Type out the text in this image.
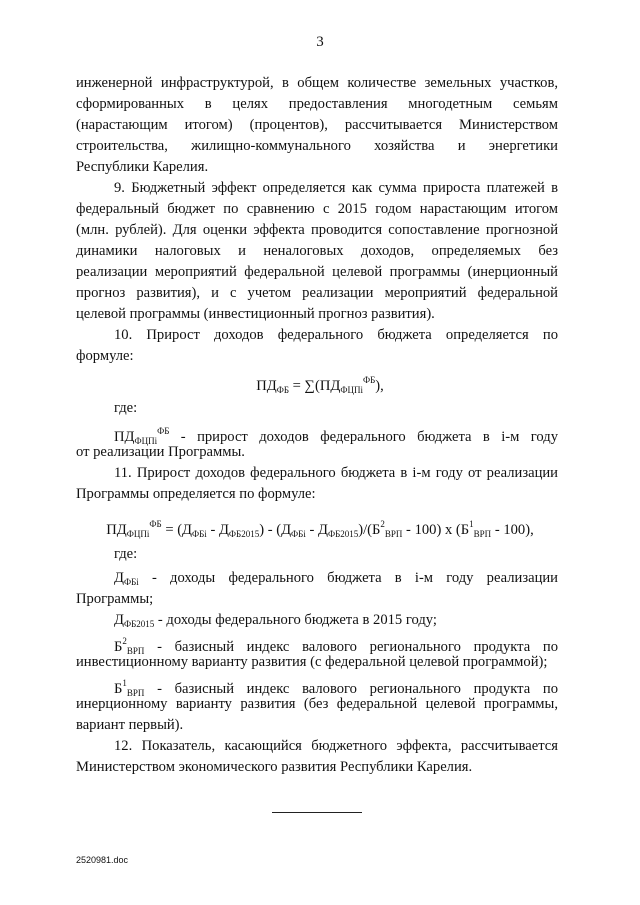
3
инженерной инфраструктурой, в общем количестве земельных участков,
сформированных в целях предоставления многодетным семьям
(нарастающим итогом) (процентов), рассчитывается Министерством
строительства, жилищно-коммунального хозяйства и энергетики
Республики Карелия.
9. Бюджетный эффект определяется как сумма прироста платежей в
федеральный бюджет по сравнению с 2015 годом нарастающим итогом
(млн. рублей). Для оценки эффекта проводится сопоставление прогнозной
динамики налоговых и неналоговых доходов, определяемых без
реализации мероприятий федеральной целевой программы (инерционный
прогноз развития), и с учетом реализации мероприятий федеральной
целевой программы (инвестиционный прогноз развития).
10. Прирост доходов федерального бюджета определяется по
формуле:
$ПД_{ФБ} = \sum(ПД_{ФЦПi}^{ФБ})$,
где:
$ПД_{ФЦПi}^{ФБ}$ - прирост доходов федерального бюджета в i-м году
от реализации Программы.
11. Прирост доходов федерального бюджета в i-м году от реализации
Программы определяется по формуле:
$ПД_{ФЦПi}^{ФБ} = (Д_{ФБi} - Д_{ФБ2015}) - (Д_{ФБi} - Д_{ФБ2015})/(Б^2_{ВРП} - 100)$ х $(Б^1_{ВРП} - 100)$,
где:
$Д_{ФБi}$ - доходы федерального бюджета в i-м году реализации
Программы;
$Д_{ФБ2015}$ - доходы федерального бюджета в 2015 году;
$Б^2_{ВРП}$ - базисный индекс валового регионального продукта по
инвестиционному варианту развития (с федеральной целевой программой);
$Б^1_{ВРП}$ - базисный индекс валового регионального продукта по
инерционному варианту развития (без федеральной целевой программы,
вариант первый).
12. Показатель, касающийся бюджетного эффекта, рассчитывается
Министерством экономического развития Республики Карелия.
2520981.doc
